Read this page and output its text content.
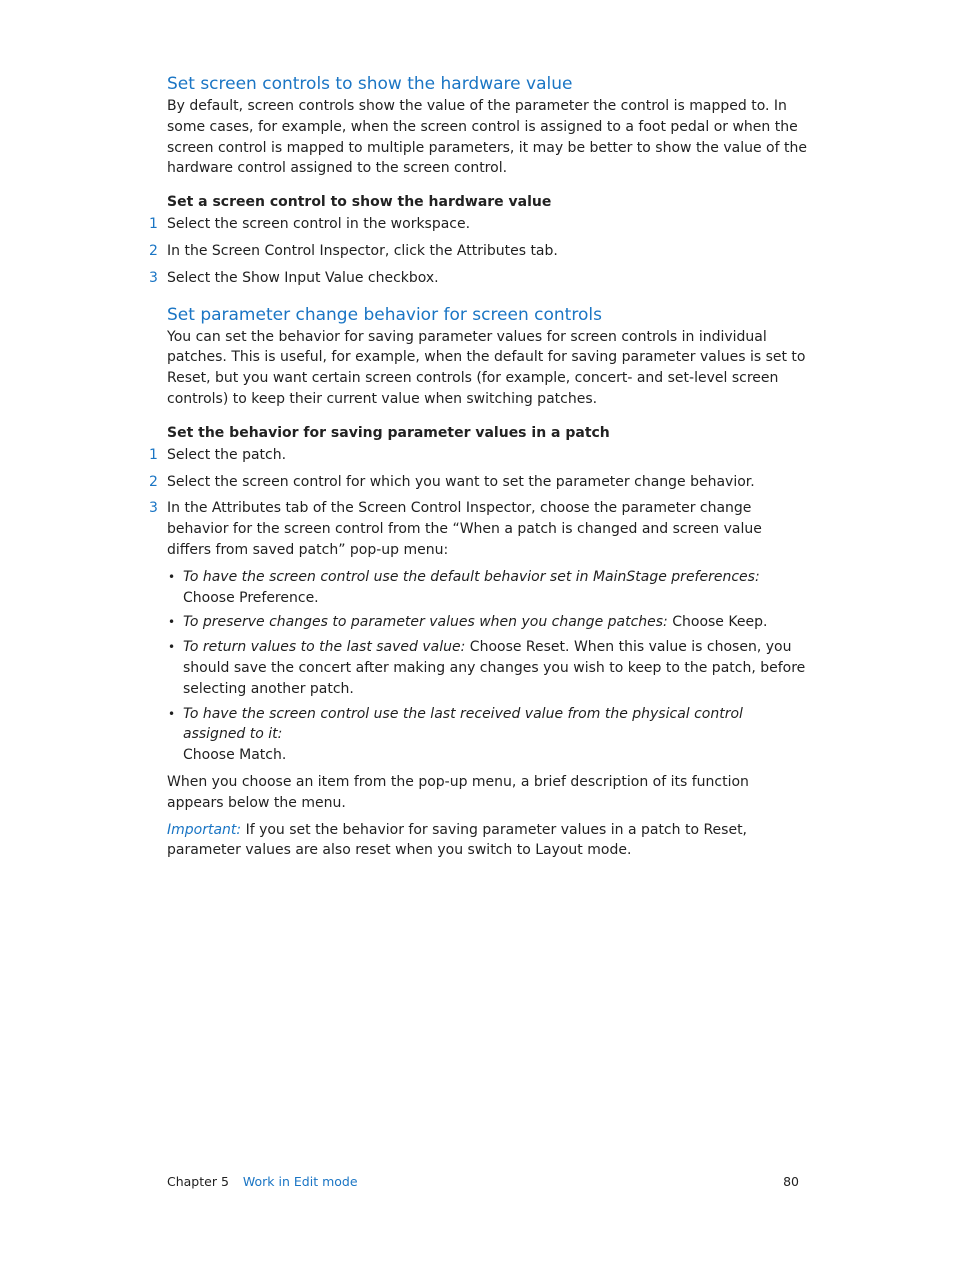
Set screen controls to show the hardware value

By default, screen controls show the value of the parameter the control is mapped to. In some cases, for example, when the screen control is assigned to a foot pedal or when the screen control is mapped to multiple parameters, it may be better to show the value of the hardware control assigned to the screen control.

Set a screen control to show the hardware value

1 Select the screen control in the workspace.
2 In the Screen Control Inspector, click the Attributes tab.
3 Select the Show Input Value checkbox.
Set parameter change behavior for screen controls

You can set the behavior for saving parameter values for screen controls in individual patches. This is useful, for example, when the default for saving parameter values is set to Reset, but you want certain screen controls (for example, concert- and set-level screen controls) to keep their current value when switching patches.

Set the behavior for saving parameter values in a patch

1 Select the patch.
2 Select the screen control for which you want to set the parameter change behavior.
3 In the Attributes tab of the Screen Control Inspector, choose the parameter change behavior for the screen control from the “When a patch is changed and screen value differs from saved patch” pop-up menu:
• To have the screen control use the default behavior set in MainStage preferences:
Choose Preference.
• To preserve changes to parameter values when you change patches: Choose Keep.
• To return values to the last saved value: Choose Reset. When this value is chosen, you should save the concert after making any changes you wish to keep to the patch, before selecting another patch.
• To have the screen control use the last received value from the physical control assigned to it:
Choose Match.

When you choose an item from the pop-up menu, a brief description of its function appears below the menu.

Important: If you set the behavior for saving parameter values in a patch to Reset, parameter values are also reset when you switch to Layout mode.

Chapter 5 Work in Edit mode	80
